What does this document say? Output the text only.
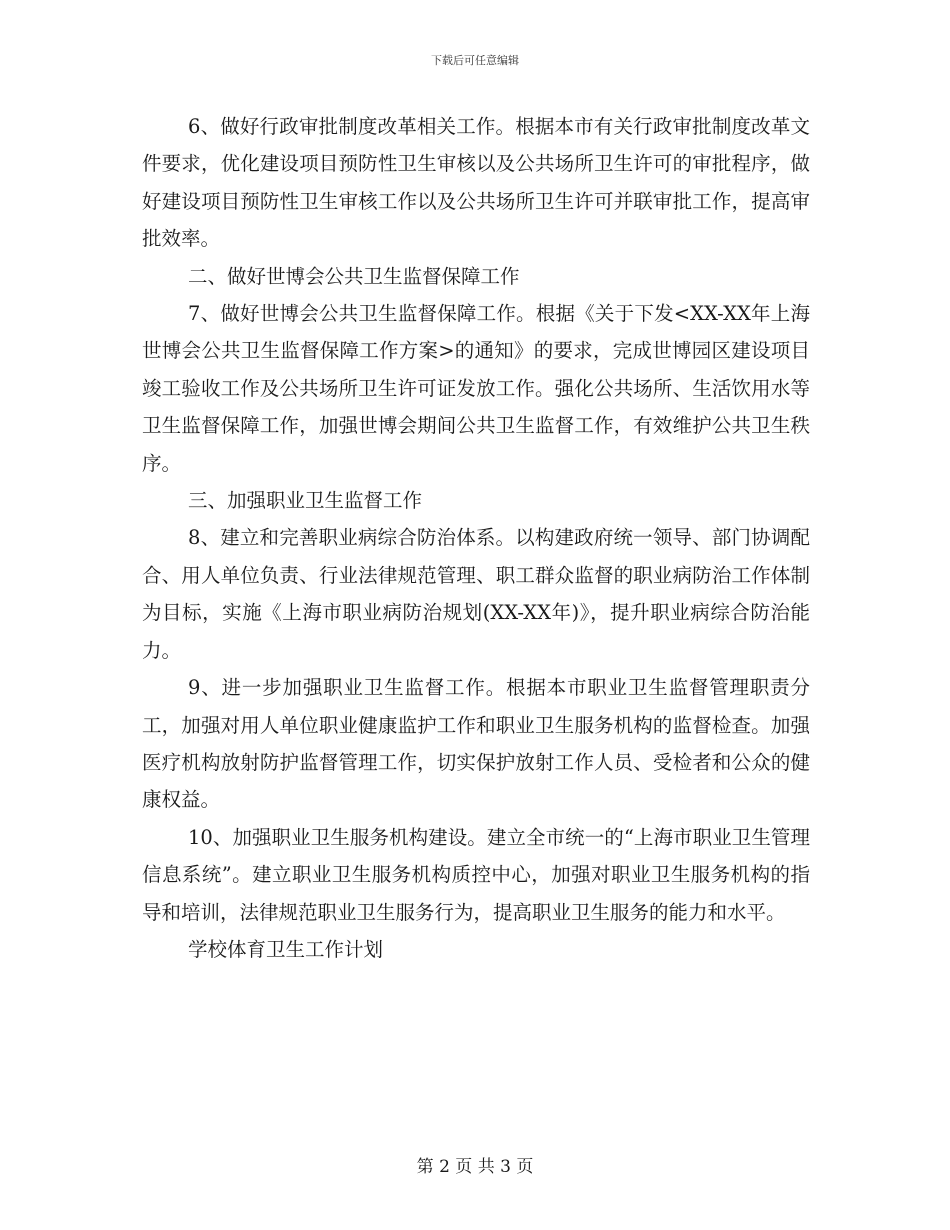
下载后可任意编辑

6、做好行政审批制度改革相关工作。根据本市有关行政审批制度改革文件要求，优化建设项目预防性卫生审核以及公共场所卫生许可的审批程序，做好建设项目预防性卫生审核工作以及公共场所卫生许可并联审批工作，提高审批效率。

二、做好世博会公共卫生监督保障工作

7、做好世博会公共卫生监督保障工作。根据《关于下发<XX-XX年上海世博会公共卫生监督保障工作方案>的通知》的要求，完成世博园区建设项目竣工验收工作及公共场所卫生许可证发放工作。强化公共场所、生活饮用水等卫生监督保障工作，加强世博会期间公共卫生监督工作，有效维护公共卫生秩序。

三、加强职业卫生监督工作

8、建立和完善职业病综合防治体系。以构建政府统一领导、部门协调配合、用人单位负责、行业法律规范管理、职工群众监督的职业病防治工作体制为目标，实施《上海市职业病防治规划(XX-XX年)》，提升职业病综合防治能力。

9、进一步加强职业卫生监督工作。根据本市职业卫生监督管理职责分工，加强对用人单位职业健康监护工作和职业卫生服务机构的监督检查。加强医疗机构放射防护监督管理工作，切实保护放射工作人员、受检者和公众的健康权益。

10、加强职业卫生服务机构建设。建立全市统一的“上海市职业卫生管理信息系统”。建立职业卫生服务机构质控中心，加强对职业卫生服务机构的指导和培训，法律规范职业卫生服务行为，提高职业卫生服务的能力和水平。

学校体育卫生工作计划

第 2 页 共 3 页
